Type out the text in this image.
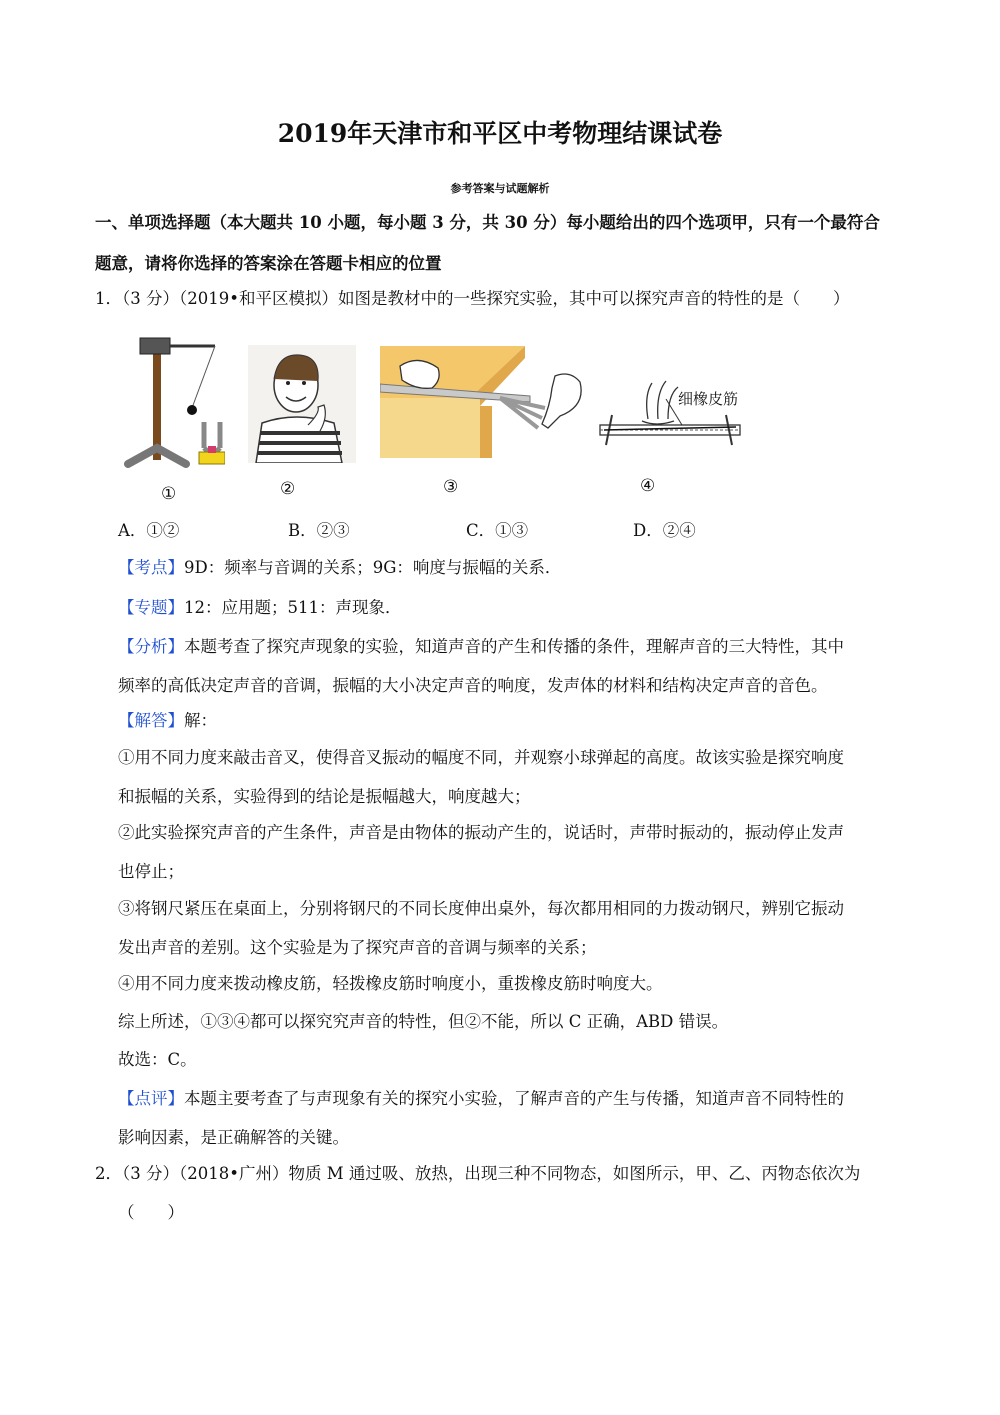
2019年天津市和平区中考物理结课试卷
参考答案与试题解析
一、单项选择题（本大题共 10 小题，每小题 3 分，共 30 分）每小题给出的四个选项甲，只有一个最符合
题意，请将你选择的答案涂在答题卡相应的位置
1．（3 分）（2019•和平区模拟）如图是教材中的一些探究实验，其中可以探究声音的特性的是（　　）
①	②	③
细橡皮筋
④
A．①②	B．②③	C．①③	D．②④
【考点】9D：频率与音调的关系；9G：响度与振幅的关系．
【专题】12：应用题；511：声现象．
【分析】本题考查了探究声现象的实验，知道声音的产生和传播的条件，理解声音的三大特性，其中
频率的高低决定声音的音调，振幅的大小决定声音的响度，发声体的材料和结构决定声音的音色。
【解答】解：
①用不同力度来敲击音叉，使得音叉振动的幅度不同，并观察小球弹起的高度。故该实验是探究响度
和振幅的关系，实验得到的结论是振幅越大，响度越大；
②此实验探究声音的产生条件，声音是由物体的振动产生的，说话时，声带时振动的，振动停止发声
也停止；
③将钢尺紧压在桌面上，分别将钢尺的不同长度伸出桌外，每次都用相同的力拨动钢尺，辨别它振动
发出声音的差别。这个实验是为了探究声音的音调与频率的关系；
④用不同力度来拨动橡皮筋，轻拨橡皮筋时响度小，重拨橡皮筋时响度大。
综上所述，①③④都可以探究究声音的特性，但②不能，所以 C 正确，ABD 错误。
故选：C。
【点评】本题主要考查了与声现象有关的探究小实验，了解声音的产生与传播，知道声音不同特性的
影响因素，是正确解答的关键。
2．（3 分）（2018•广州）物质 M 通过吸、放热，出现三种不同物态，如图所示，甲、乙、丙物态依次为
（　　）
